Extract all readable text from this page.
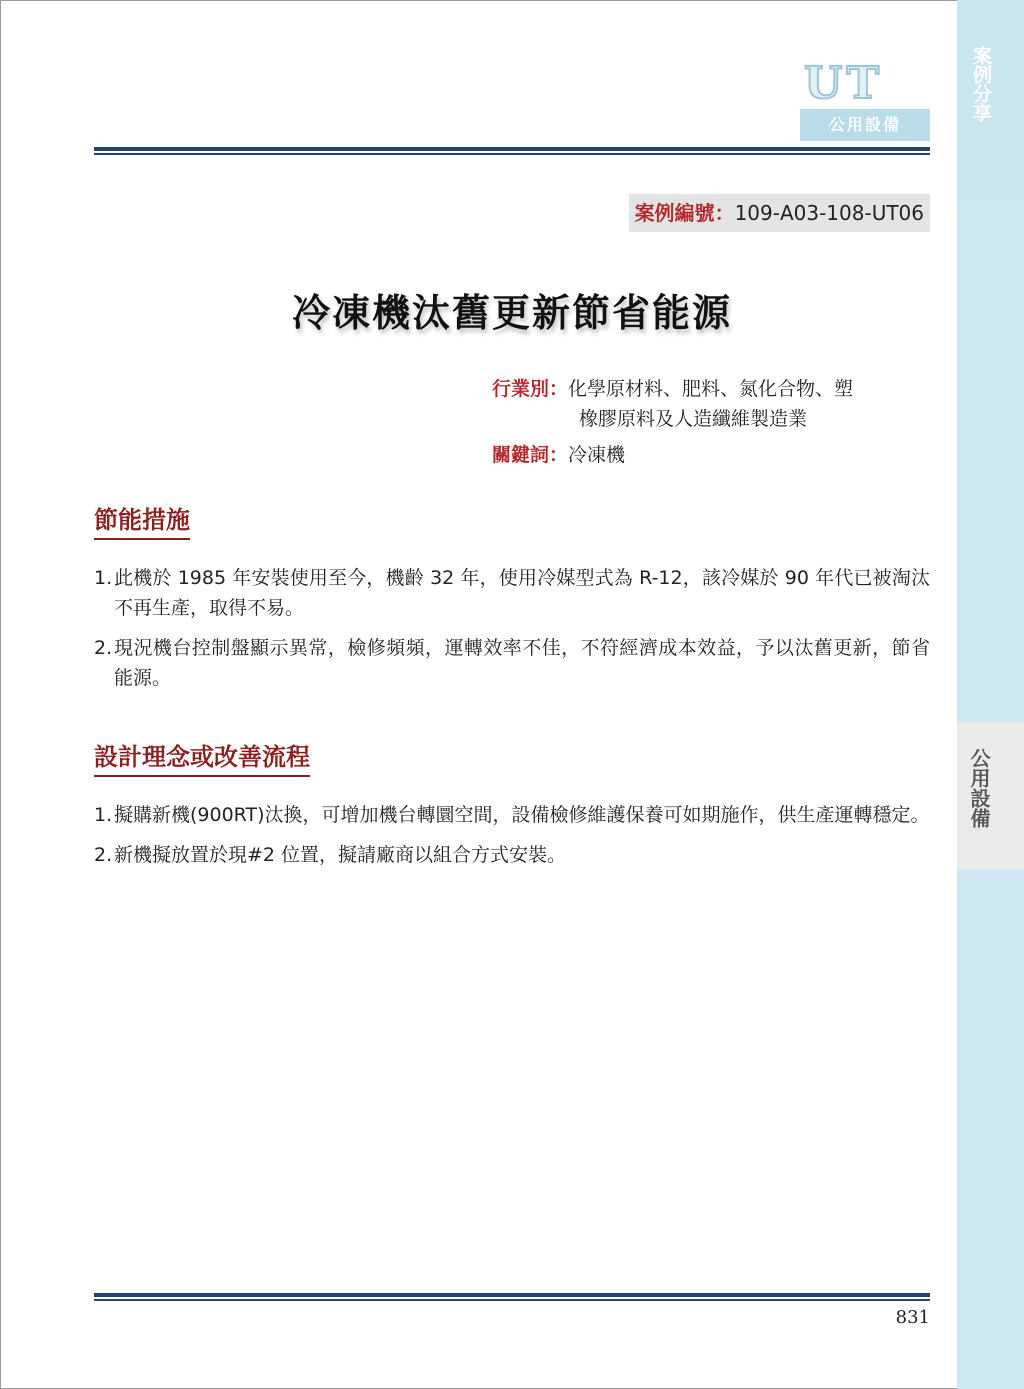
案例分享
公用設備
UT
公用設備
案例編號：109-A03-108-UT06
冷凍機汰舊更新節省能源
行業別：化學原材料、肥料、氮化合物、塑
橡膠原料及人造纖維製造業
關鍵詞：冷凍機
節能措施
1. 此機於 1985 年安裝使用至今，機齡 32 年，使用冷媒型式為 R-12，該冷媒於 90 年代已被淘汰不再生產，取得不易。
2. 現況機台控制盤顯示異常，檢修頻頻，運轉效率不佳，不符經濟成本效益，予以汰舊更新，節省能源。
設計理念或改善流程
1. 擬購新機(900RT)汰換，可增加機台轉圜空間，設備檢修維護保養可如期施作，供生產運轉穩定。
2. 新機擬放置於現#2 位置，擬請廠商以組合方式安裝。
831
